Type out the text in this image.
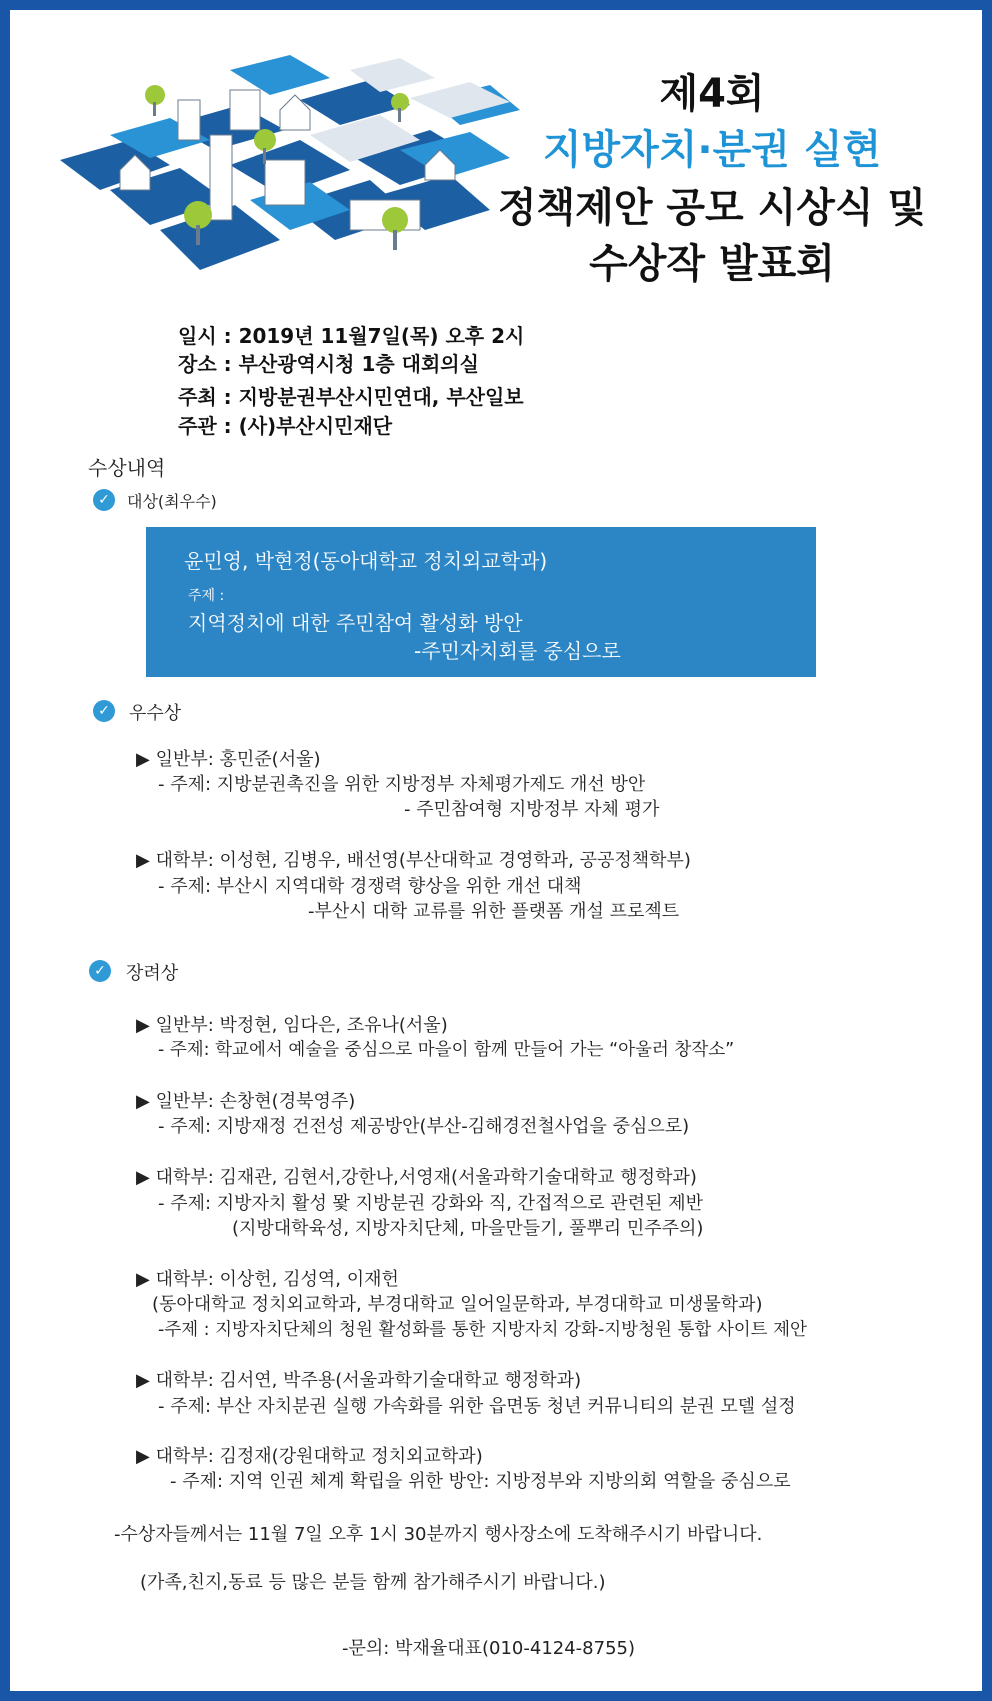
제4회
지방자치·분권 실현
정책제안 공모 시상식 및
수상작 발표회
일시 : 2019년 11월7일(목) 오후 2시
장소 : 부산광역시청 1층 대회의실
주최 : 지방분권부산시민연대, 부산일보
주관 : (사)부산시민재단
수상내역
✓	대상(최우수)
윤민영, 박현정(동아대학교 정치외교학과)
주제 :
지역정치에 대한 주민참여 활성화 방안
-주민자치회를 중심으로
✓ 우수상
▶ 일반부: 홍민준(서울)
- 주제: 지방분권촉진을 위한 지방정부 자체평가제도 개선 방안
- 주민참여형 지방정부 자체 평가
▶ 대학부: 이성현, 김병우, 배선영(부산대학교 경영학과, 공공정책학부)
- 주제: 부산시 지역대학 경쟁력 향상을 위한 개선 대책
-부산시 대학 교류를 위한 플랫폼 개설 프로젝트
✓ 장려상
▶ 일반부: 박정현, 임다은, 조유나(서울)
- 주제: 학교에서 예술을 중심으로 마을이 함께 만들어 가는 “아울러 창작소”
▶ 일반부: 손창현(경북영주)
- 주제: 지방재정 건전성 제공방안(부산-김해경전철사업을 중심으로)
▶ 대학부: 김재관, 김현서,강한나,서영재(서울과학기술대학교 행정학과)
- 주제: 지방자치 활성 뫛 지방분권 강화와 직, 간접적으로 관련된 제반
(지방대학육성, 지방자치단체, 마을만들기, 풀뿌리 민주주의)
▶ 대학부: 이상헌, 김성역, 이재헌
(동아대학교 정치외교학과, 부경대학교 일어일문학과, 부경대학교 미생물학과)
-주제 : 지방자치단체의 청원 활성화를 통한 지방자치 강화-지방청원 통합 사이트 제안
▶ 대학부: 김서연, 박주용(서울과학기술대학교 행정학과)
- 주제: 부산 자치분권 실행 가속화를 위한 읍면동 청년 커뮤니티의 분권 모델 설정
▶ 대학부: 김정재(강원대학교 정치외교학과)
- 주제: 지역 인권 체계 확립을 위한 방안: 지방정부와 지방의회 역할을 중심으로
-수상자들께서는 11월 7일 오후 1시 30분까지 행사장소에 도착해주시기 바랍니다.
(가족,친지,동료 등 많은 분들 함께 참가해주시기 바랍니다.)
-문의: 박재율대표(010-4124-8755)
